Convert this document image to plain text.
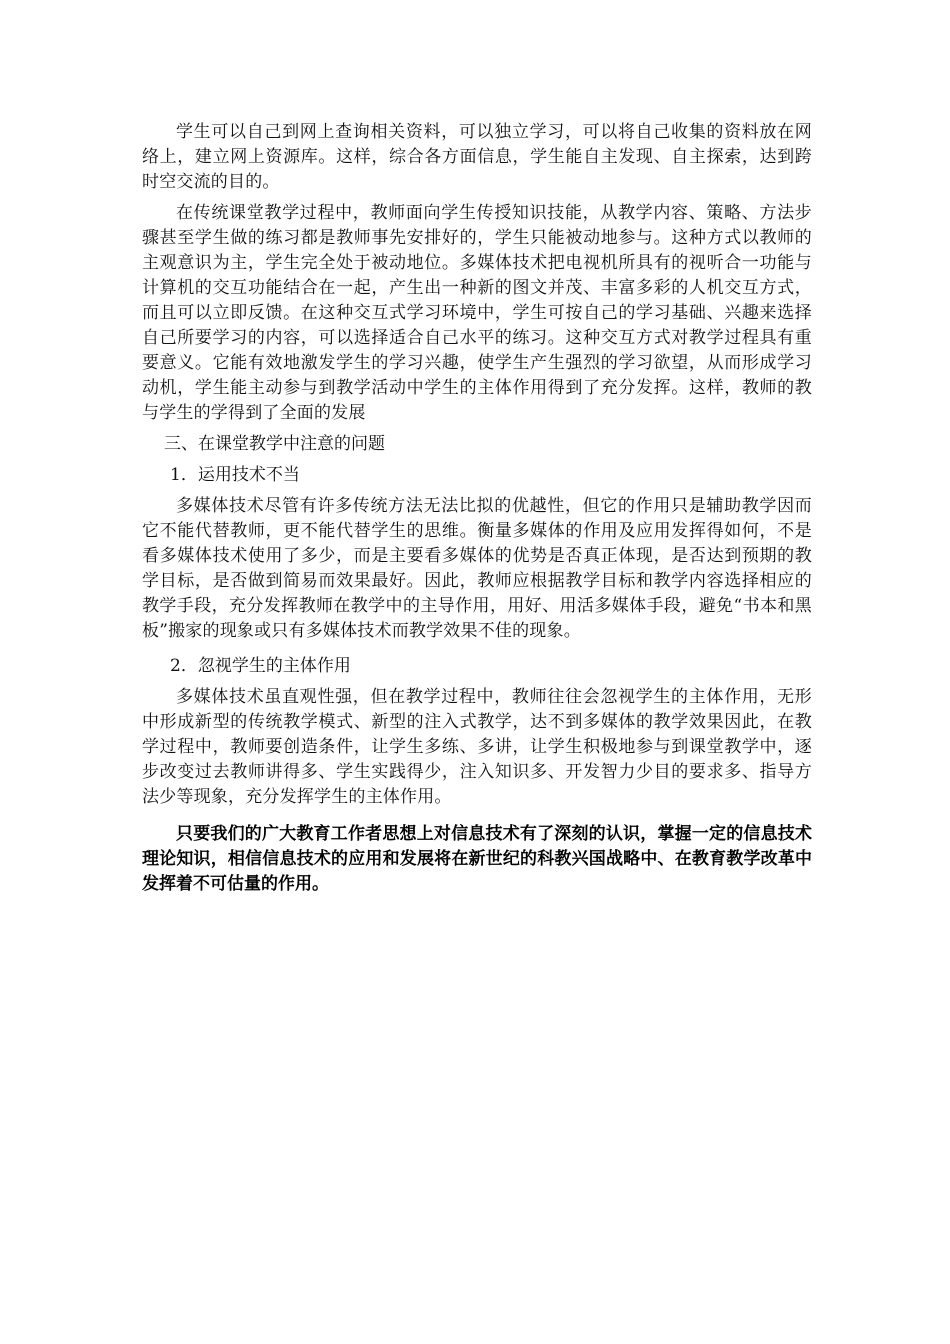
学生可以自己到网上查询相关资料，可以独立学习，可以将自己收集的资料放在网络上，建立网上资源库。这样，综合各方面信息，学生能自主发现、自主探索，达到跨时空交流的目的。

在传统课堂教学过程中，教师面向学生传授知识技能，从教学内容、策略、方法步骤甚至学生做的练习都是教师事先安排好的，学生只能被动地参与。这种方式以教师的主观意识为主，学生完全处于被动地位。多媒体技术把电视机所具有的视听合一功能与计算机的交互功能结合在一起，产生出一种新的图文并茂、丰富多彩的人机交互方式，而且可以立即反馈。在这种交互式学习环境中，学生可按自己的学习基础、兴趣来选择自己所要学习的内容，可以选择适合自己水平的练习。这种交互方式对教学过程具有重要意义。它能有效地激发学生的学习兴趣，使学生产生强烈的学习欲望，从而形成学习动机，学生能主动参与到教学活动中学生的主体作用得到了充分发挥。这样，教师的教与学生的学得到了全面的发展

三、在课堂教学中注意的问题

1．运用技术不当

多媒体技术尽管有许多传统方法无法比拟的优越性，但它的作用只是辅助教学因而它不能代替教师，更不能代替学生的思维。衡量多媒体的作用及应用发挥得如何，不是看多媒体技术使用了多少，而是主要看多媒体的优势是否真正体现，是否达到预期的教学目标，是否做到简易而效果最好。因此，教师应根据教学目标和教学内容选择相应的教学手段，充分发挥教师在教学中的主导作用，用好、用活多媒体手段，避免“书本和黑板”搬家的现象或只有多媒体技术而教学效果不佳的现象。

2．忽视学生的主体作用

多媒体技术虽直观性强，但在教学过程中，教师往往会忽视学生的主体作用，无形中形成新型的传统教学模式、新型的注入式教学，达不到多媒体的教学效果因此，在教学过程中，教师要创造条件，让学生多练、多讲，让学生积极地参与到课堂教学中，逐步改变过去教师讲得多、学生实践得少，注入知识多、开发智力少目的要求多、指导方法少等现象，充分发挥学生的主体作用。

只要我们的广大教育工作者思想上对信息技术有了深刻的认识，掌握一定的信息技术理论知识，相信信息技术的应用和发展将在新世纪的科教兴国战略中、在教育教学改革中发挥着不可估量的作用。
